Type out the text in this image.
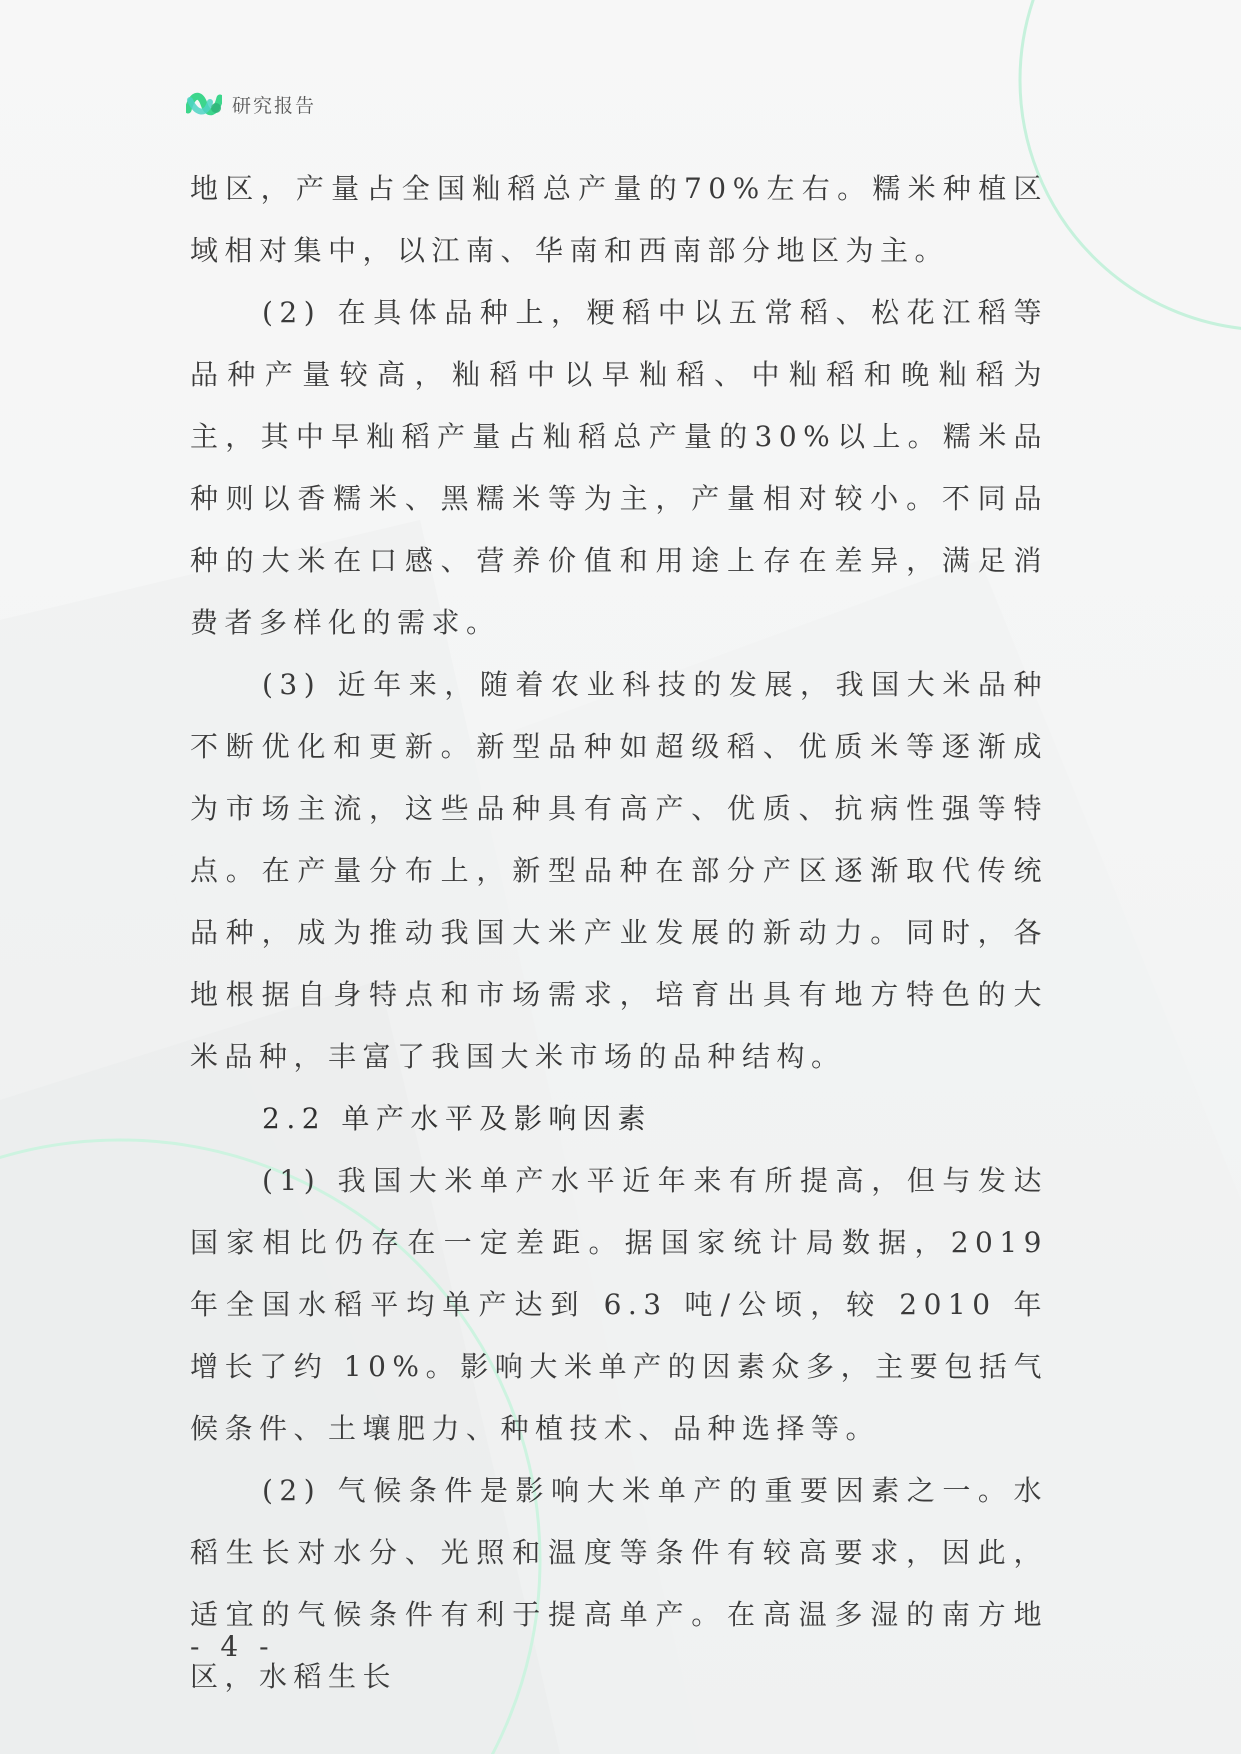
研究报告

地区，产量占全国籼稻总产量的70%左右。糯米种植区域相对集中，以江南、华南和西南部分地区为主。

(2) 在具体品种上，粳稻中以五常稻、松花江稻等品种产量较高，籼稻中以早籼稻、中籼稻和晚籼稻为主，其中早籼稻产量占籼稻总产量的30%以上。糯米品种则以香糯米、黑糯米等为主，产量相对较小。不同品种的大米在口感、营养价值和用途上存在差异，满足消费者多样化的需求。

(3) 近年来，随着农业科技的发展，我国大米品种不断优化和更新。新型品种如超级稻、优质米等逐渐成为市场主流，这些品种具有高产、优质、抗病性强等特点。在产量分布上，新型品种在部分产区逐渐取代传统品种，成为推动我国大米产业发展的新动力。同时，各地根据自身特点和市场需求，培育出具有地方特色的大米品种，丰富了我国大米市场的品种结构。

2.2 单产水平及影响因素

(1) 我国大米单产水平近年来有所提高，但与发达国家相比仍存在一定差距。据国家统计局数据，2019 年全国水稻平均单产达到 6.3 吨/公顷，较 2010 年增长了约 10%。影响大米单产的因素众多，主要包括气候条件、土壤肥力、种植技术、品种选择等。

(2) 气候条件是影响大米单产的重要因素之一。水稻生长对水分、光照和温度等条件有较高要求，因此，适宜的气候条件有利于提高单产。在高温多湿的南方地区，水稻生长

- 4 -
